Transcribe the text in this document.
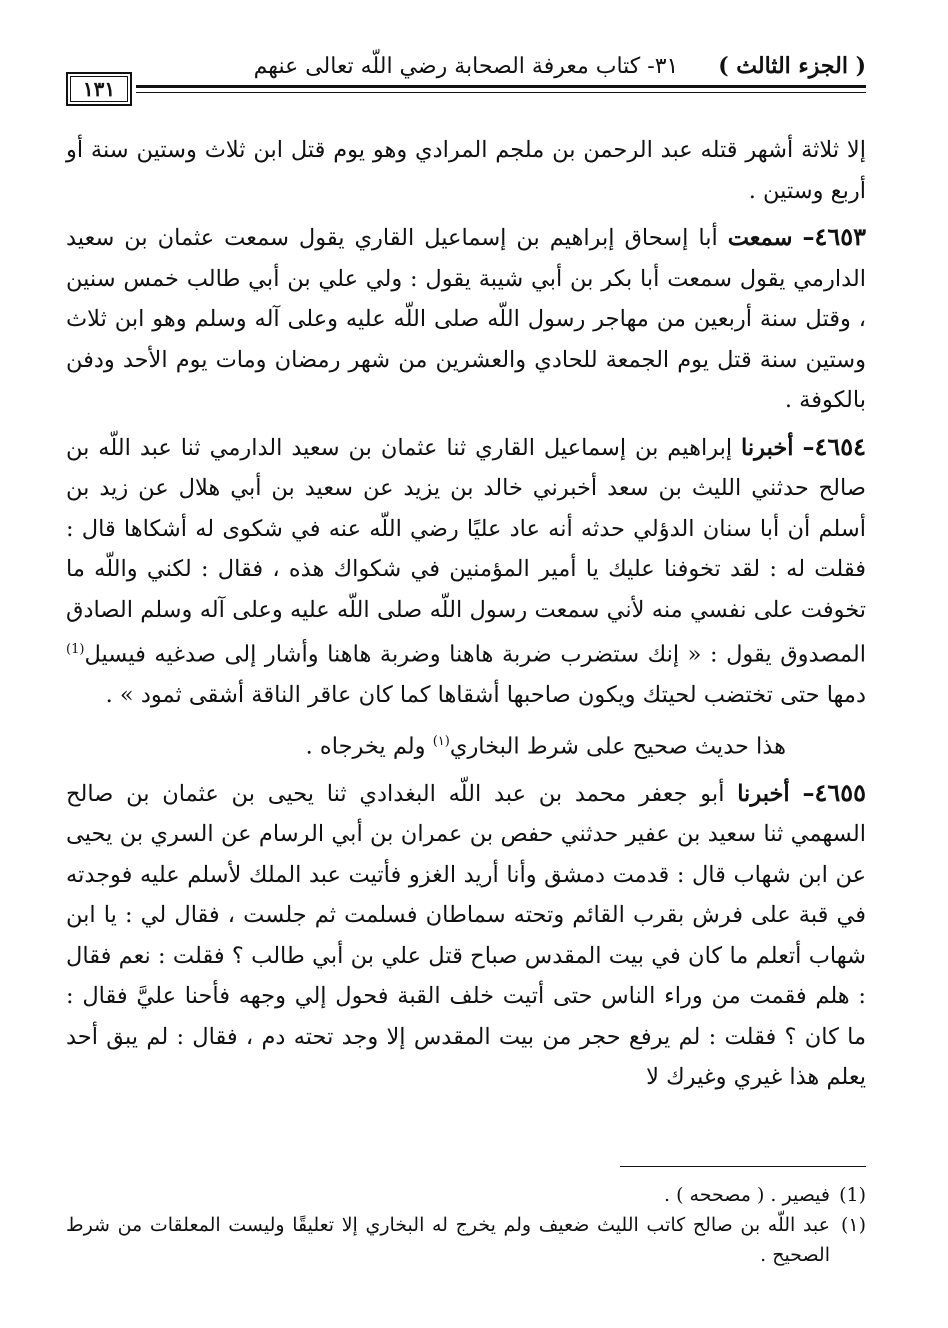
( الجزء الثالث )
٣١- كتاب معرفة الصحابة رضي اللّه تعالى عنهم
١٣١

إلا ثلاثة أشهر قتله عبد الرحمن بن ملجم المرادي وهو يوم قتل ابن ثلاث وستين سنة أو أربع وستين .

٤٦٥٣– سمعت أبا إسحاق إبراهيم بن إسماعيل القاري يقول سمعت عثمان بن سعيد الدارمي يقول سمعت أبا بكر بن أبي شيبة يقول : ولي علي بن أبي طالب خمس سنين ، وقتل سنة أربعين من مهاجر رسول اللّه صلى اللّه عليه وعلى آله وسلم وهو ابن ثلاث وستين سنة قتل يوم الجمعة للحادي والعشرين من شهر رمضان ومات يوم الأحد ودفن بالكوفة .

٤٦٥٤– أخبرنا إبراهيم بن إسماعيل القاري ثنا عثمان بن سعيد الدارمي ثنا عبد اللّه بن صالح حدثني الليث بن سعد أخبرني خالد بن يزيد عن سعيد بن أبي هلال عن زيد بن أسلم أن أبا سنان الدؤلي حدثه أنه عاد عليًا رضي اللّه عنه في شكوى له أشكاها قال : فقلت له : لقد تخوفنا عليك يا أمير المؤمنين في شكواك هذه ، فقال : لكني واللّه ما تخوفت على نفسي منه لأني سمعت رسول اللّه صلى اللّه عليه وعلى آله وسلم الصادق المصدوق يقول : « إنك ستضرب ضربة هاهنا وضربة هاهنا وأشار إلى صدغيه فيسيل$^{(1)}$ دمها حتى تختضب لحيتك ويكون صاحبها أشقاها كما كان عاقر الناقة أشقى ثمود » .

هذا حديث صحيح على شرط البخاري$^{(١)}$ ولم يخرجاه .

٤٦٥٥– أخبرنا أبو جعفر محمد بن عبد اللّه البغدادي ثنا يحيى بن عثمان بن صالح السهمي ثنا سعيد بن عفير حدثني حفص بن عمران بن أبي الرسام عن السري بن يحيى عن ابن شهاب قال : قدمت دمشق وأنا أريد الغزو فأتيت عبد الملك لأسلم عليه فوجدته في قبة على فرش بقرب القائم وتحته سماطان فسلمت ثم جلست ، فقال لي : يا ابن شهاب أتعلم ما كان في بيت المقدس صباح قتل علي بن أبي طالب ؟ فقلت : نعم فقال : هلم فقمت من وراء الناس حتى أتيت خلف القبة فحول إلي وجهه فأحنا عليَّ فقال : ما كان ؟ فقلت : لم يرفع حجر من بيت المقدس إلا وجد تحته دم ، فقال : لم يبق أحد يعلم هذا غيري وغيرك لا

(1)
فيصير . ( مصححه ) .
(١)
عبد اللّه بن صالح كاتب الليث ضعيف ولم يخرج له البخاري إلا تعليقًا وليست المعلقات من شرط الصحيح .
